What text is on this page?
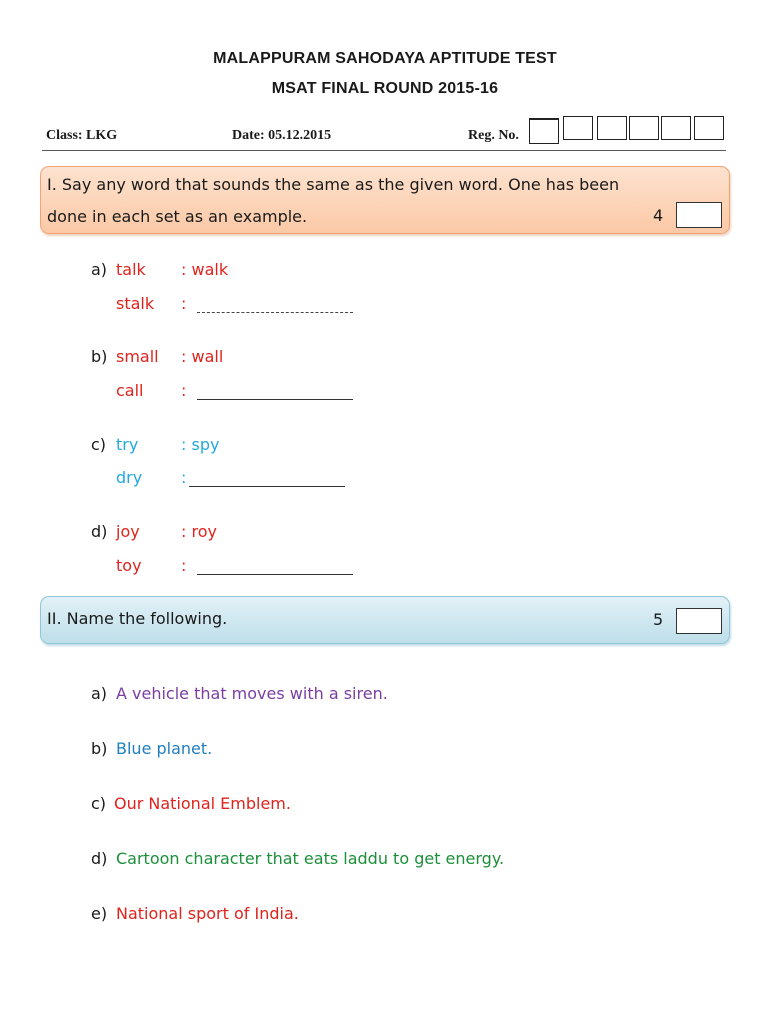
MALAPPURAM SAHODAYA APTITUDE TEST
MSAT FINAL ROUND 2015-16
Class: LKG	Date: 05.12.2015	Reg. No.
I. Say any word that sounds the same as the given word. One has been
done in each set as an example.	4
a) talk : walk
stalk :
b) small : wall
call :
c) try	: spy
dry :
d) joy	: roy
toy :
II. Name the following.	5
a) A vehicle that moves with a siren.
b) Blue planet.
c) Our National Emblem.
d) Cartoon character that eats laddu to get energy.
e) National sport of India.
